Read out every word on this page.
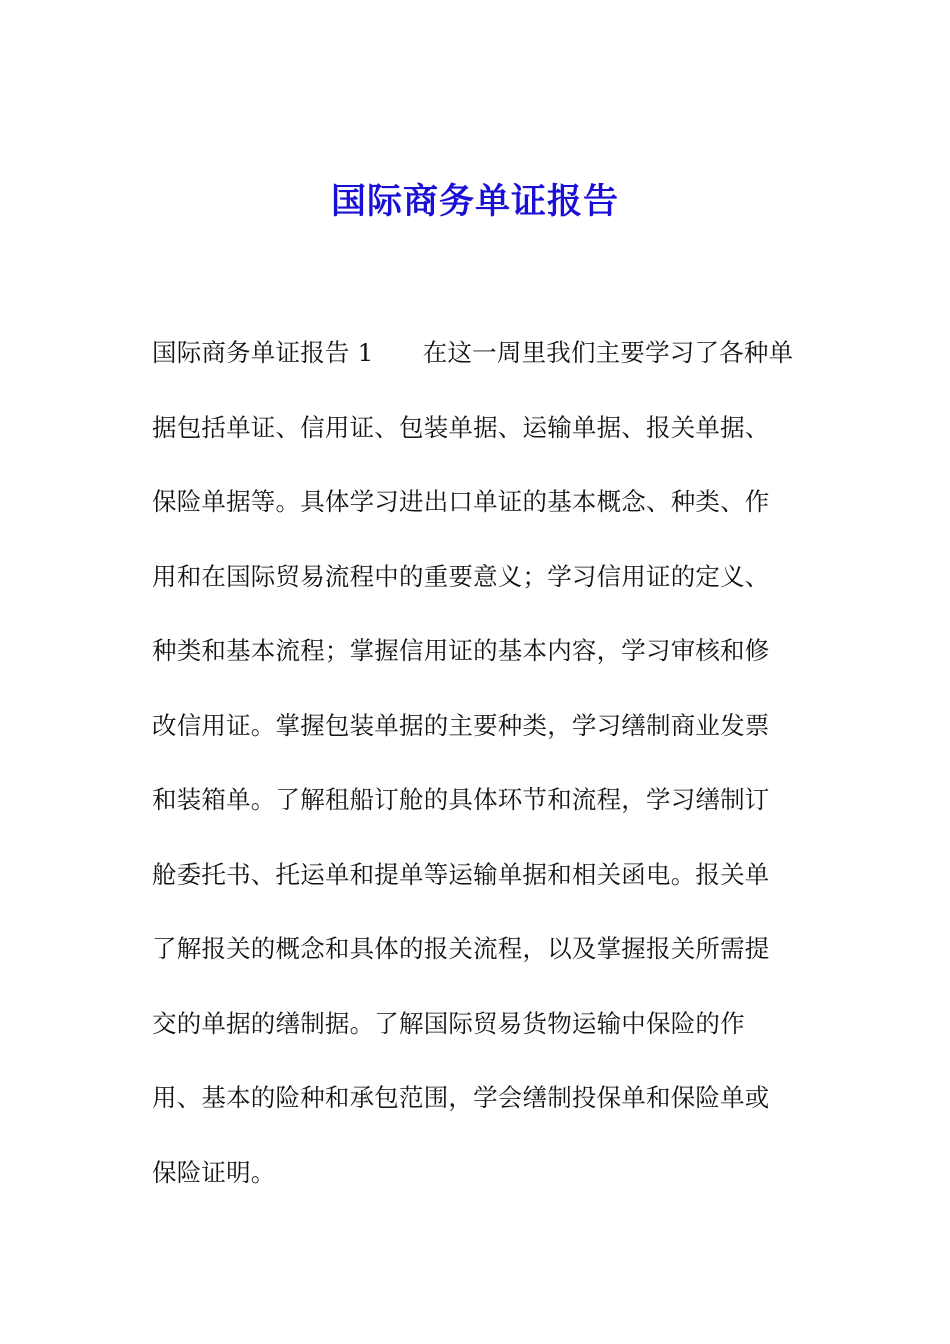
国际商务单证报告
国际商务单证报告 1　　在这一周里我们主要学习了各种单
据包括单证、信用证、包装单据、运输单据、报关单据、
保险单据等。具体学习进出口单证的基本概念、种类、作
用和在国际贸易流程中的重要意义；学习信用证的定义、
种类和基本流程；掌握信用证的基本内容，学习审核和修
改信用证。掌握包装单据的主要种类，学习缮制商业发票
和装箱单。了解租船订舱的具体环节和流程，学习缮制订
舱委托书、托运单和提单等运输单据和相关函电。报关单
了解报关的概念和具体的报关流程，以及掌握报关所需提
交的单据的缮制据。了解国际贸易货物运输中保险的作
用、基本的险种和承包范围，学会缮制投保单和保险单或
保险证明。
